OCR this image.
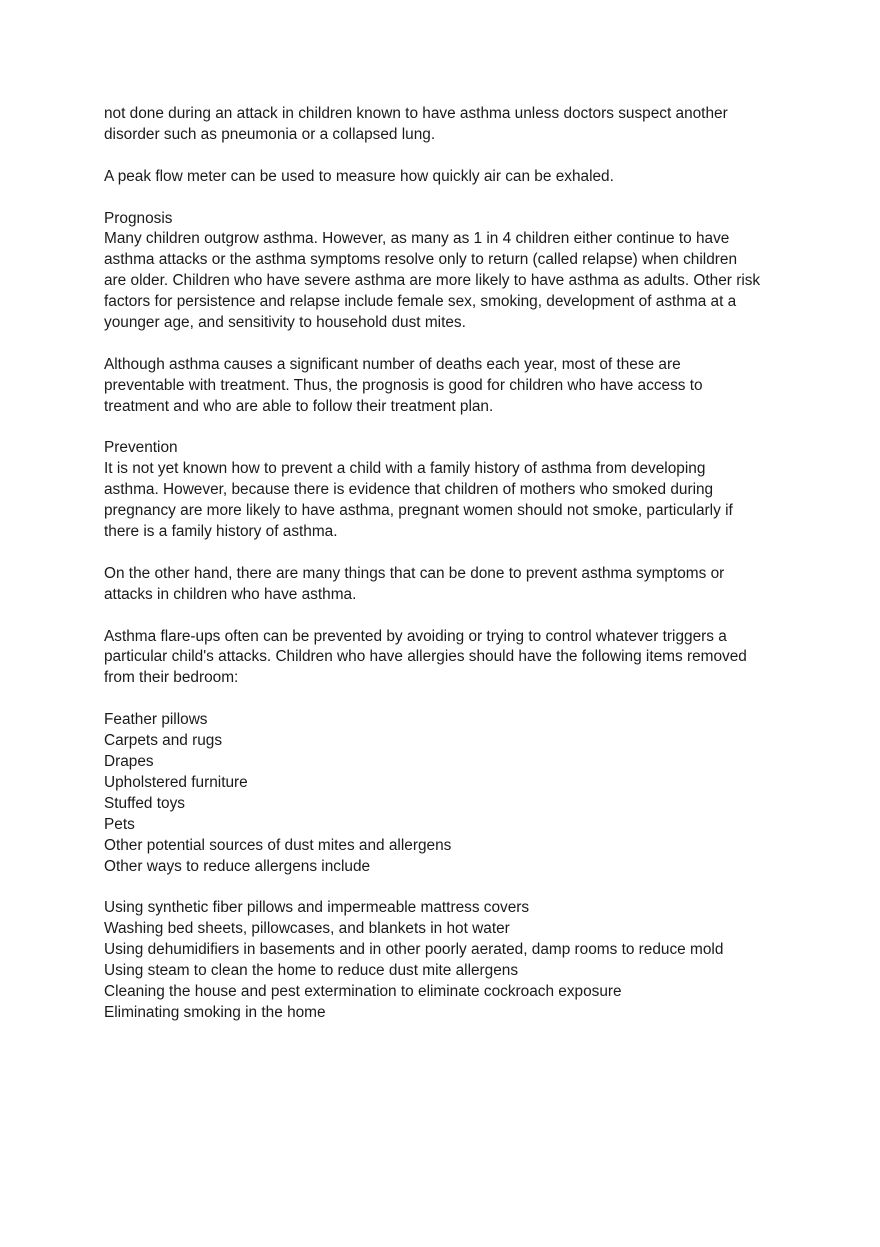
not done during an attack in children known to have asthma unless doctors suspect another
disorder such as pneumonia or a collapsed lung.

A peak flow meter can be used to measure how quickly air can be exhaled.

Prognosis

Many children outgrow asthma. However, as many as 1 in 4 children either continue to have
asthma attacks or the asthma symptoms resolve only to return (called relapse) when children
are older. Children who have severe asthma are more likely to have asthma as adults. Other risk
factors for persistence and relapse include female sex, smoking, development of asthma at a
younger age, and sensitivity to household dust mites.

Although asthma causes a significant number of deaths each year, most of these are
preventable with treatment. Thus, the prognosis is good for children who have access to
treatment and who are able to follow their treatment plan.

Prevention

It is not yet known how to prevent a child with a family history of asthma from developing
asthma. However, because there is evidence that children of mothers who smoked during
pregnancy are more likely to have asthma, pregnant women should not smoke, particularly if
there is a family history of asthma.

On the other hand, there are many things that can be done to prevent asthma symptoms or
attacks in children who have asthma.

Asthma flare-ups often can be prevented by avoiding or trying to control whatever triggers a
particular child's attacks. Children who have allergies should have the following items removed
from their bedroom:

Feather pillows
Carpets and rugs
Drapes
Upholstered furniture
Stuffed toys
Pets
Other potential sources of dust mites and allergens
Other ways to reduce allergens include
Using synthetic fiber pillows and impermeable mattress covers
Washing bed sheets, pillowcases, and blankets in hot water
Using dehumidifiers in basements and in other poorly aerated, damp rooms to reduce mold
Using steam to clean the home to reduce dust mite allergens
Cleaning the house and pest extermination to eliminate cockroach exposure
Eliminating smoking in the home
